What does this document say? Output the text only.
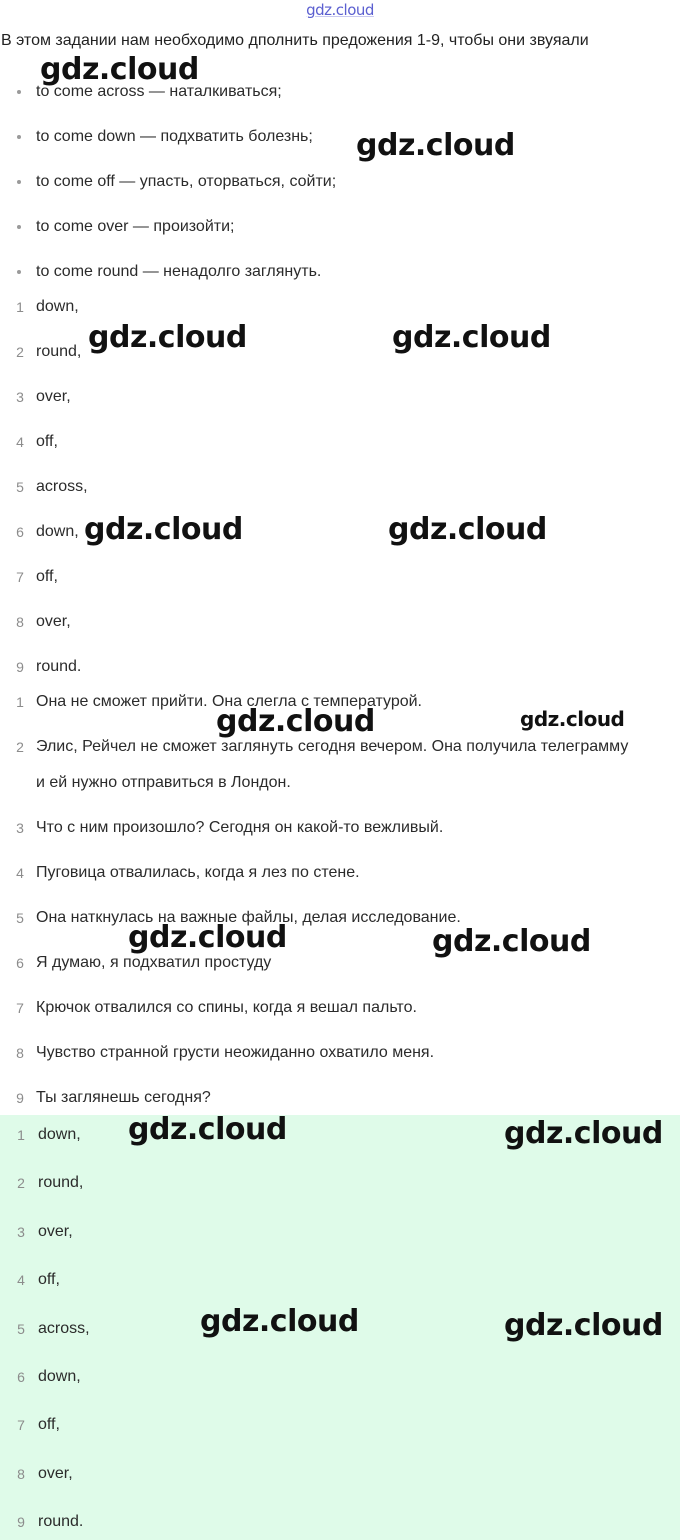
gdz.cloud
В этом задании нам необходимо дполнить предожения 1-9, чтобы они звуяали
to come across — наталкиваться;
to come down — подхватить болезнь;
to come off — упасть, оторваться, сойти;
to come over — произойти;
to come round — ненадолго заглянуть.
1 down,
2 round,
3 over,
4 off,
5 across,
6 down,
7 off,
8 over,
9 round.
1 Она не сможет прийти. Она слегла с температурой.
2 Элис, Рейчел не сможет заглянуть сегодня вечером. Она получила телеграмму и ей нужно отправиться в Лондон.
3 Что с ним произошло? Сегодня он какой-то вежливый.
4 Пуговица отвалилась, когда я лез по стене.
5 Она наткнулась на важные файлы, делая исследование.
6 Я думаю, я подхватил простуду
7 Крючок отвалился со спины, когда я вешал пальто.
8 Чувство странной грусти неожиданно охватило меня.
9 Ты заглянешь сегодня?
1 down,
2 round,
3 over,
4 off,
5 across,
6 down,
7 off,
8 over,
9 round.
gdz.cloud
gdz.cloud
gdz.cloud	gdz.cloud
gdz.cloud	gdz.cloud
gdz.cloud	gdz.cloud
gdz.cloud	gdz.cloud
gdz.cloud	gdz.cloud
gdz.cloud	gdz.cloud
